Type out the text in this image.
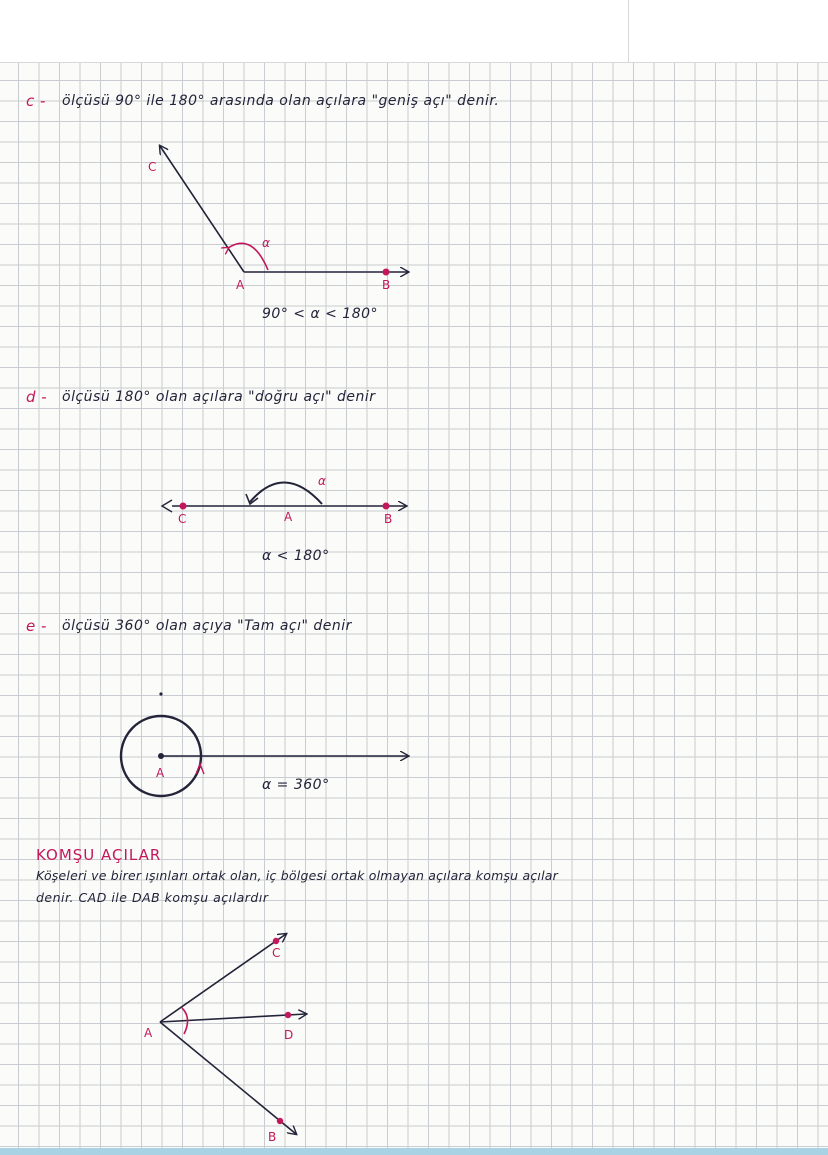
c - ölçüsü 90° ile 180° arasında olan açılara "geniş açı" denir.
C
α
A	B
90° < α < 180°
d - ölçüsü 180° olan açılara "doğru açı" denir
α
C	A	B
α < 180°
e - ölçüsü 360° olan açıya "Tam açı" denir
A
α = 360°
KOMŞU AÇILAR
Köşeleri ve birer ışınları ortak olan, iç bölgesi ortak olmayan açılara komşu açılar
denir. CAD ile DAB komşu açılardır
A
C
D
B
